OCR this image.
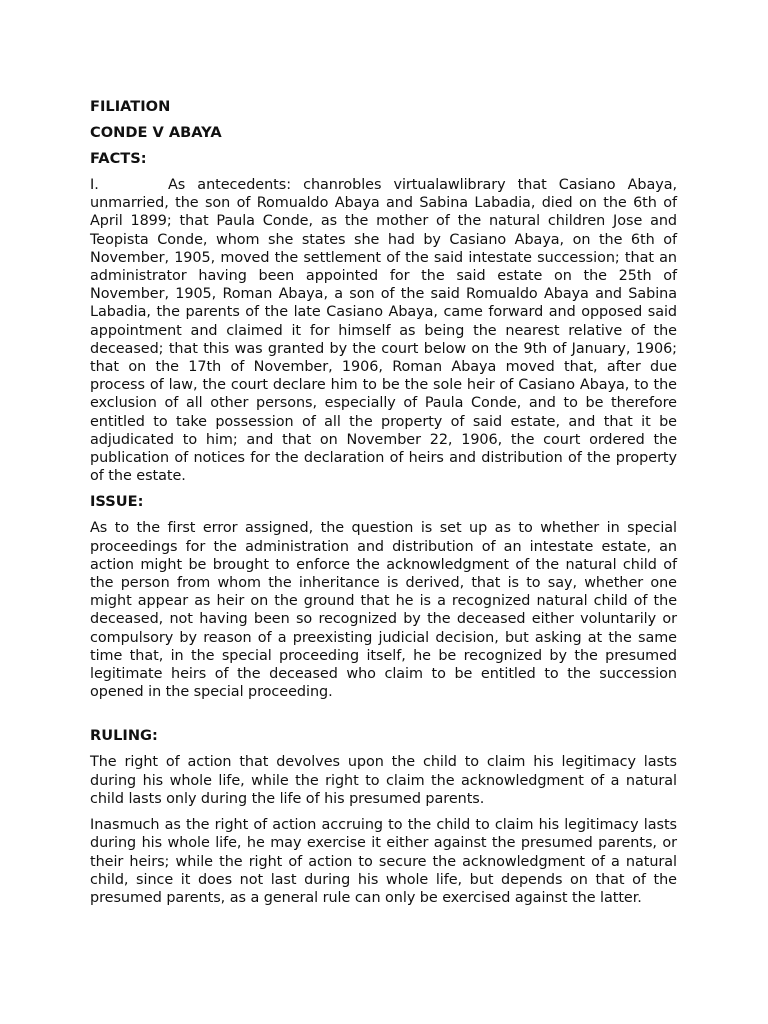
FILIATION
CONDE V ABAYA
FACTS:

I.	As antecedents: chanrobles virtualawlibrary that Casiano Abaya, unmarried, the son of Romualdo Abaya and Sabina Labadia, died on the 6th of April 1899; that Paula Conde, as the mother of the natural children Jose and Teopista Conde, whom she states she had by Casiano Abaya, on the 6th of November, 1905, moved the settlement of the said intestate succession; that an administrator having been appointed for the said estate on the 25th of November, 1905, Roman Abaya, a son of the said Romualdo Abaya and Sabina Labadia, the parents of the late Casiano Abaya, came forward and opposed said appointment and claimed it for himself as being the nearest relative of the deceased; that this was granted by the court below on the 9th of January, 1906; that on the 17th of November, 1906, Roman Abaya moved that, after due process of law, the court declare him to be the sole heir of Casiano Abaya, to the exclusion of all other persons, especially of Paula Conde, and to be therefore entitled to take possession of all the property of said estate, and that it be adjudicated to him; and that on November 22, 1906, the court ordered the publication of notices for the declaration of heirs and distribution of the property of the estate.

ISSUE:

As to the first error assigned, the question is set up as to whether in special proceedings for the administration and distribution of an intestate estate, an action might be brought to enforce the acknowledgment of the natural child of the person from whom the inheritance is derived, that is to say, whether one might appear as heir on the ground that he is a recognized natural child of the deceased, not having been so recognized by the deceased either voluntarily or compulsory by reason of a preexisting judicial decision, but asking at the same time that, in the special proceeding itself, he be recognized by the presumed legitimate heirs of the deceased who claim to be entitled to the succession opened in the special proceeding.

RULING:

The right of action that devolves upon the child to claim his legitimacy lasts during his whole life, while the right to claim the acknowledgment of a natural child lasts only during the life of his presumed parents.

Inasmuch as the right of action accruing to the child to claim his legitimacy lasts during his whole life, he may exercise it either against the presumed parents, or their heirs; while the right of action to secure the acknowledgment of a natural child, since it does not last during his whole life, but depends on that of the presumed parents, as a general rule can only be exercised against the latter.
